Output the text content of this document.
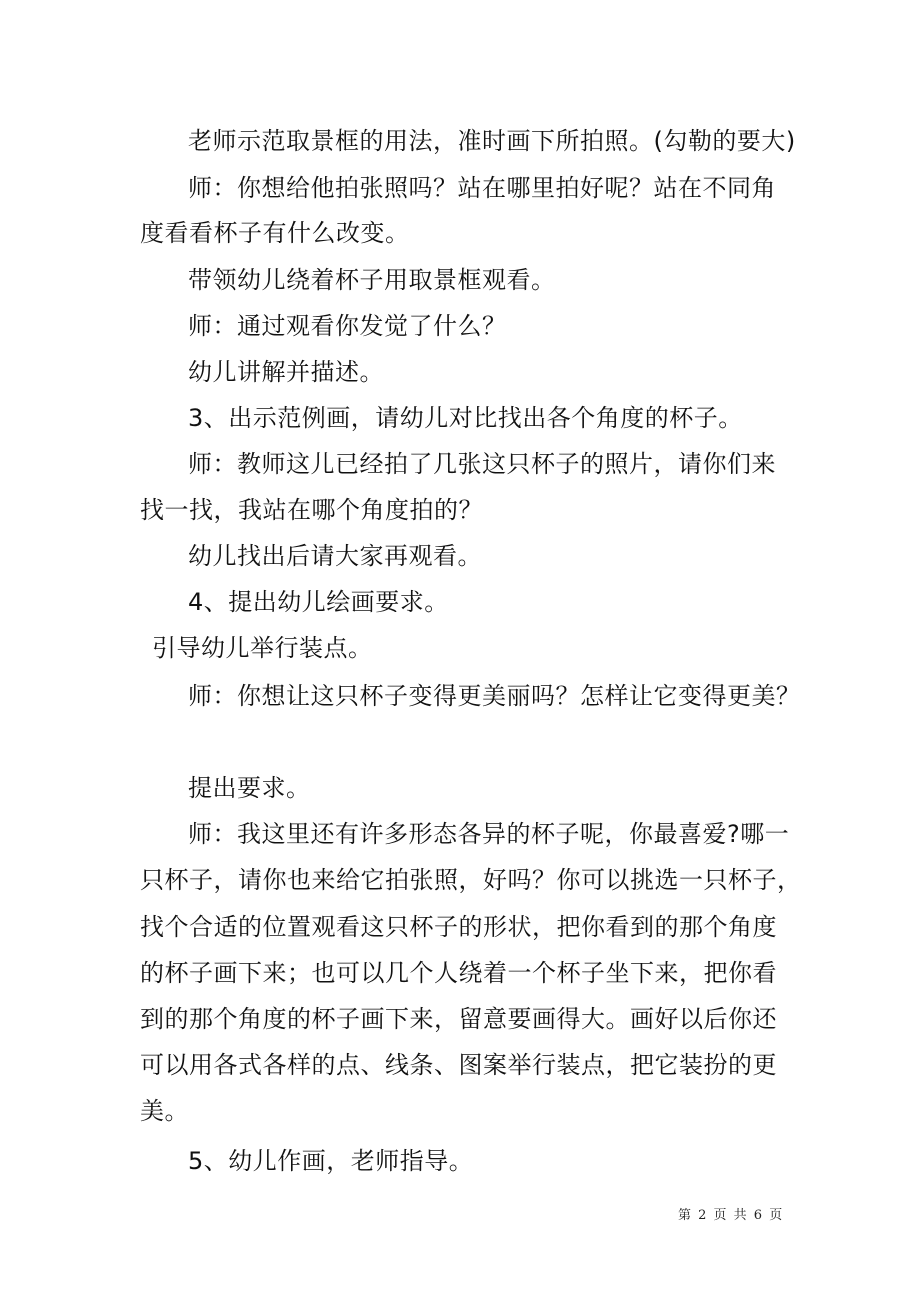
老师示范取景框的用法，准时画下所拍照。(勾勒的要大)
师：你想给他拍张照吗？站在哪里拍好呢？站在不同角
度看看杯子有什么改变。
带领幼儿绕着杯子用取景框观看。
师：通过观看你发觉了什么？
幼儿讲解并描述。
3、出示范例画，请幼儿对比找出各个角度的杯子。
师：教师这儿已经拍了几张这只杯子的照片，请你们来
找一找，我站在哪个角度拍的？
幼儿找出后请大家再观看。
4、提出幼儿绘画要求。
引导幼儿举行装点。
师：你想让这只杯子变得更美丽吗？怎样让它变得更美？
提出要求。
师：我这里还有许多形态各异的杯子呢，你最喜爱?哪一
只杯子，请你也来给它拍张照，好吗？你可以挑选一只杯子，
找个合适的位置观看这只杯子的形状，把你看到的那个角度
的杯子画下来；也可以几个人绕着一个杯子坐下来，把你看
到的那个角度的杯子画下来，留意要画得大。画好以后你还
可以用各式各样的点、线条、图案举行装点，把它装扮的更
美。
5、幼儿作画，老师指导。
第 2 页 共 6 页
